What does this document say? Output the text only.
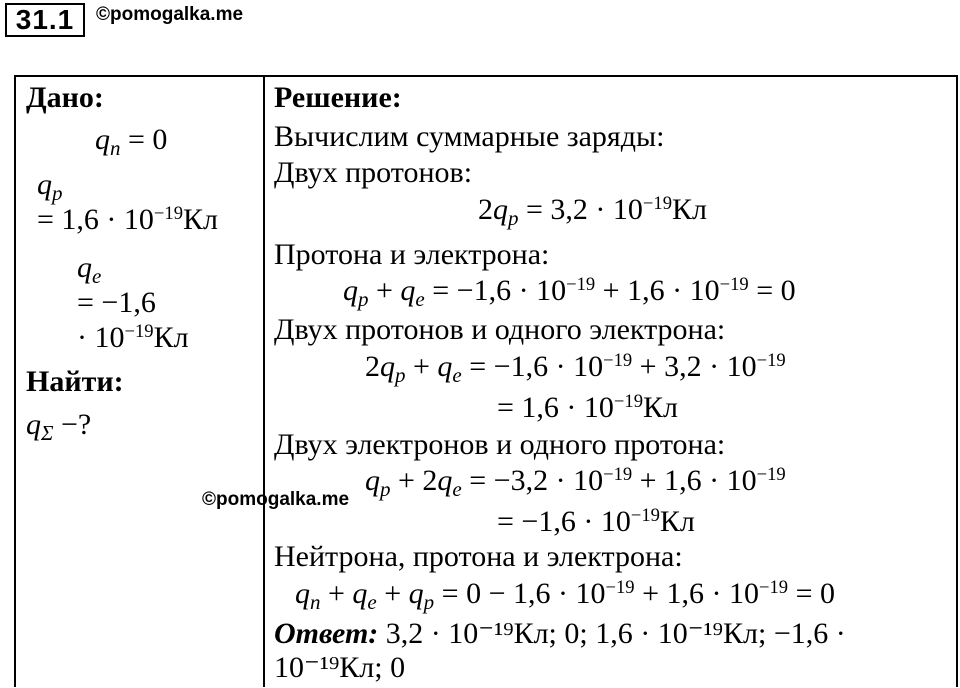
31.1	©pomogalka.me
Дано:
$q_n = 0$
$q_p$
= $1,6 \cdot 10^{-19}Кл$
$q_e$
= −1,6
· $10^{-19}Кл$
Найти:
$q_\Sigma$ −?
Решение:
Вычислим суммарные заряды:
Двух протонов:
$2q_p = 3,2 \cdot 10^{-19}Кл$
Протона и электрона:
$q_p + q_e = -1,6 \cdot 10^{-19} + 1,6 \cdot 10^{-19} = 0$
Двух протонов и одного электрона:
$2q_p + q_e = -1,6 \cdot 10^{-19} + 3,2 \cdot 10^{-19}$
= $1,6 \cdot 10^{-19}Кл$
Двух электронов и одного протона:
$q_p + 2q_e = -3,2 \cdot 10^{-19} + 1,6 \cdot 10^{-19}$
= $-1,6 \cdot 10^{-19}Кл$
Нейтрона, протона и электрона:
$q_n + q_e + q_p = 0 - 1,6 \cdot 10^{-19} + 1,6 \cdot 10^{-19} = 0$
Ответ: 3,2 · 10⁻¹⁹Кл; 0; 1,6 · 10⁻¹⁹Кл; −1,6 ·
10⁻¹⁹Кл; 0
©pomogalka.me
